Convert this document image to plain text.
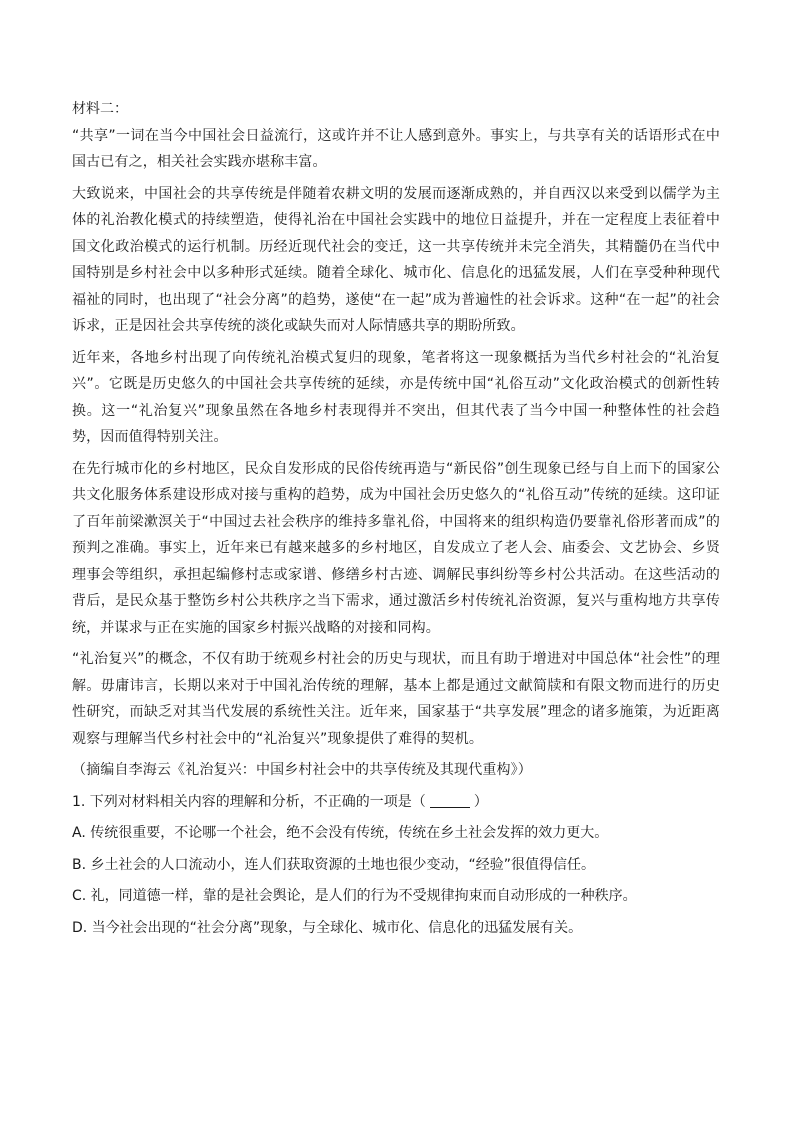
材料二：

“共享”一词在当今中国社会日益流行，这或许并不让人感到意外。事实上，与共享有关的话语形式在中国古已有之，相关社会实践亦堪称丰富。

大致说来，中国社会的共享传统是伴随着农耕文明的发展而逐渐成熟的，并自西汉以来受到以儒学为主体的礼治教化模式的持续塑造，使得礼治在中国社会实践中的地位日益提升，并在一定程度上表征着中国文化政治模式的运行机制。历经近现代社会的变迁，这一共享传统并未完全消失，其精髓仍在当代中国特别是乡村社会中以多种形式延续。随着全球化、城市化、信息化的迅猛发展，人们在享受种种现代福祉的同时，也出现了“社会分离”的趋势，遂使“在一起”成为普遍性的社会诉求。这种“在一起”的社会诉求，正是因社会共享传统的淡化或缺失而对人际情感共享的期盼所致。

近年来，各地乡村出现了向传统礼治模式复归的现象，笔者将这一现象概括为当代乡村社会的“礼治复兴”。它既是历史悠久的中国社会共享传统的延续，亦是传统中国“礼俗互动”文化政治模式的创新性转换。这一“礼治复兴”现象虽然在各地乡村表现得并不突出，但其代表了当今中国一种整体性的社会趋势，因而值得特别关注。

在先行城市化的乡村地区，民众自发形成的民俗传统再造与“新民俗”创生现象已经与自上而下的国家公共文化服务体系建设形成对接与重构的趋势，成为中国社会历史悠久的“礼俗互动”传统的延续。这印证了百年前梁漱溟关于“中国过去社会秩序的维持多靠礼俗，中国将来的组织构造仍要靠礼俗形著而成”的预判之准确。事实上，近年来已有越来越多的乡村地区，自发成立了老人会、庙委会、文艺协会、乡贤理事会等组织，承担起编修村志或家谱、修缮乡村古迹、调解民事纠纷等乡村公共活动。在这些活动的背后，是民众基于整饬乡村公共秩序之当下需求，通过激活乡村传统礼治资源，复兴与重构地方共享传统，并谋求与正在实施的国家乡村振兴战略的对接和同构。

“礼治复兴”的概念，不仅有助于统观乡村社会的历史与现状，而且有助于增进对中国总体“社会性”的理解。毋庸讳言，长期以来对于中国礼治传统的理解，基本上都是通过文献简牍和有限文物而进行的历史性研究，而缺乏对其当代发展的系统性关注。近年来，国家基于“共享发展”理念的诸多施策，为近距离观察与理解当代乡村社会中的“礼治复兴”现象提供了难得的契机。

（摘编自李海云《礼治复兴：中国乡村社会中的共享传统及其现代重构》）

1. 下列对材料相关内容的理解和分析，不正确的一项是（	）

A. 传统很重要，不论哪一个社会，绝不会没有传统，传统在乡土社会发挥的效力更大。

B. 乡土社会的人口流动小，连人们获取资源的土地也很少变动，“经验”很值得信任。

C. 礼，同道德一样，靠的是社会舆论，是人们的行为不受规律拘束而自动形成的一种秩序。

D. 当今社会出现的“社会分离”现象，与全球化、城市化、信息化的迅猛发展有关。
